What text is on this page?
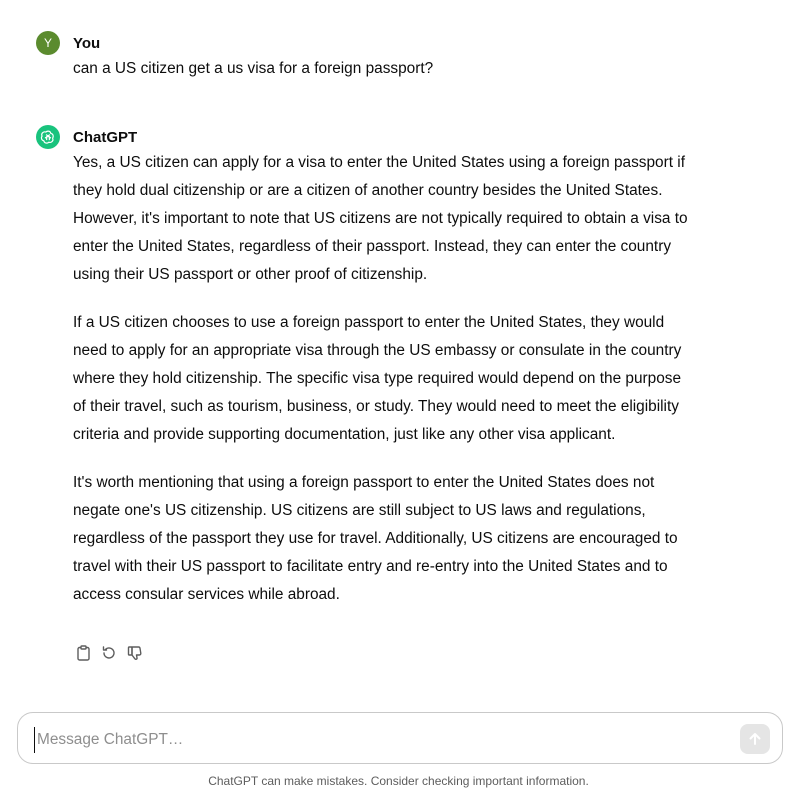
Y You

can a US citizen get a us visa for a foreign passport?

ChatGPT

Yes, a US citizen can apply for a visa to enter the United States using a foreign passport if they hold dual citizenship or are a citizen of another country besides the United States. However, it's important to note that US citizens are not typically required to obtain a visa to enter the United States, regardless of their passport. Instead, they can enter the country using their US passport or other proof of citizenship.

If a US citizen chooses to use a foreign passport to enter the United States, they would need to apply for an appropriate visa through the US embassy or consulate in the country where they hold citizenship. The specific visa type required would depend on the purpose of their travel, such as tourism, business, or study. They would need to meet the eligibility criteria and provide supporting documentation, just like any other visa applicant.

It's worth mentioning that using a foreign passport to enter the United States does not negate one's US citizenship. US citizens are still subject to US laws and regulations, regardless of the passport they use for travel. Additionally, US citizens are encouraged to travel with their US passport to facilitate entry and re-entry into the United States and to access consular services while abroad.

Message ChatGPT…
ChatGPT can make mistakes. Consider checking important information.
